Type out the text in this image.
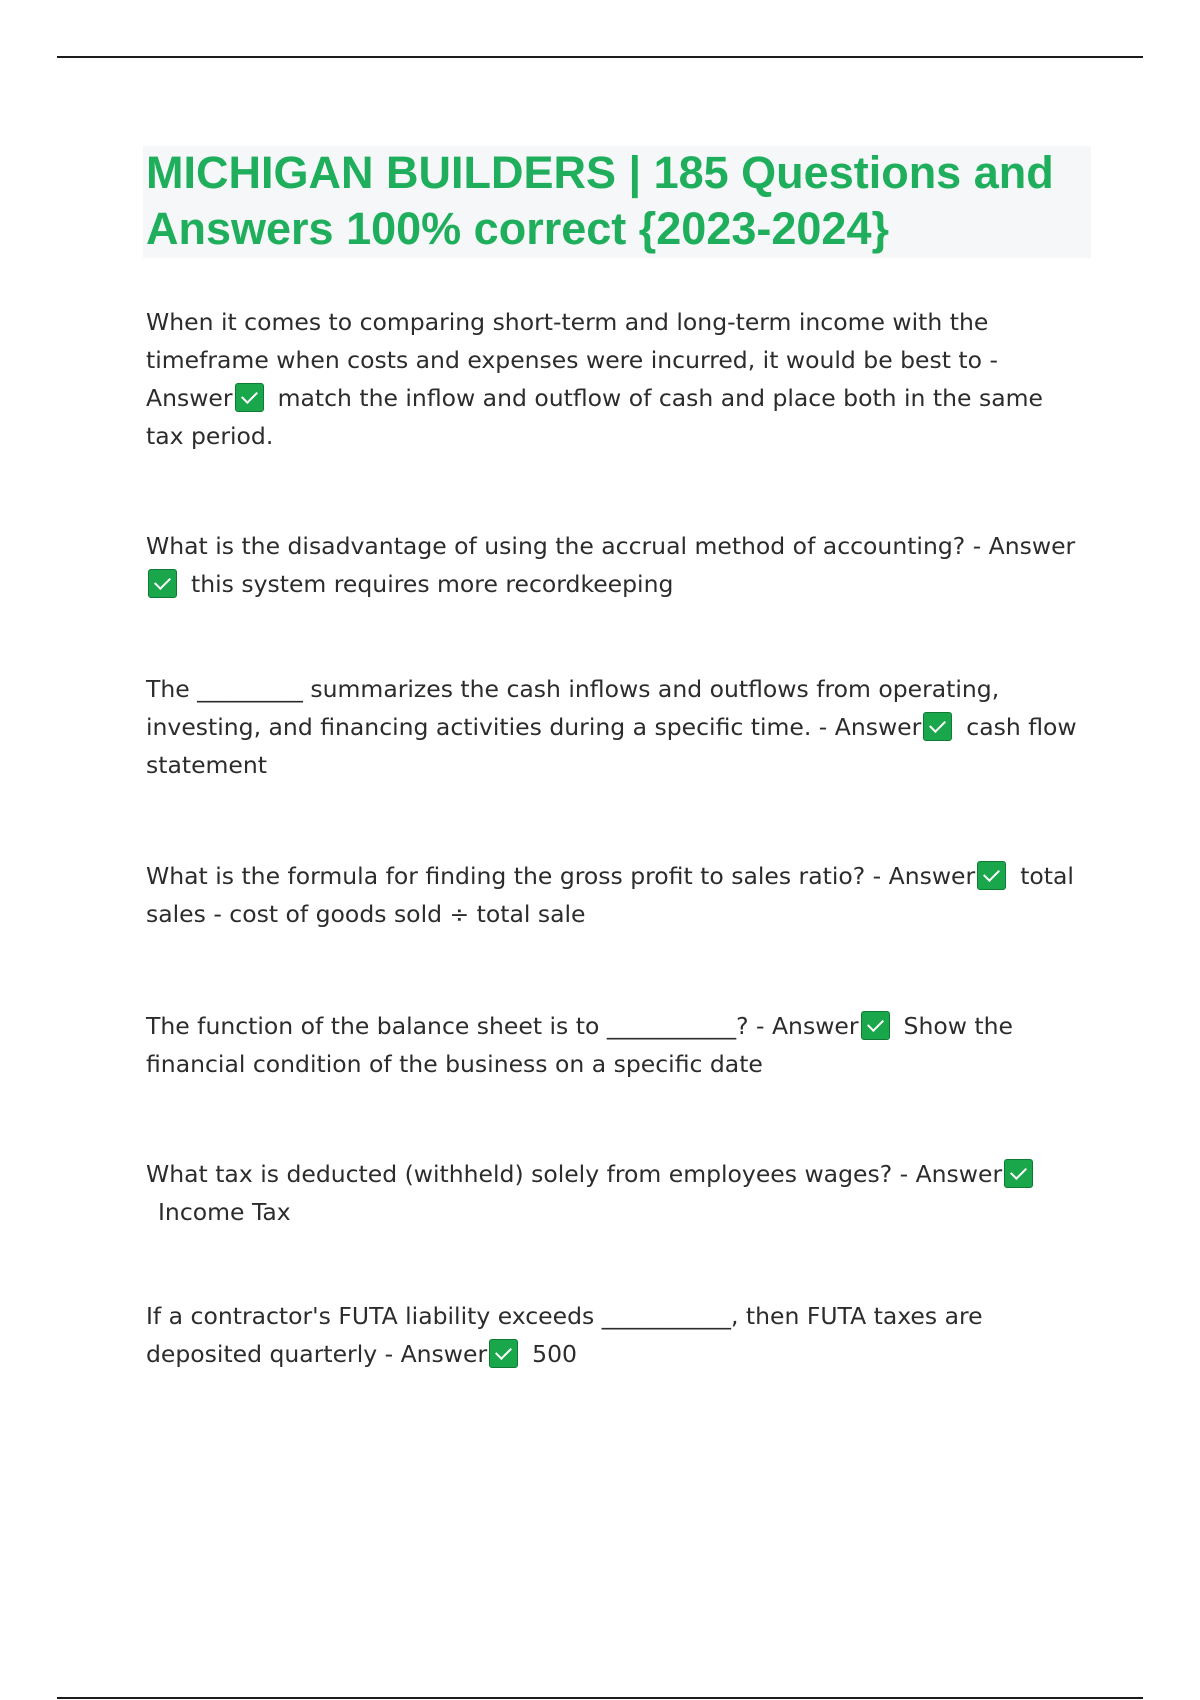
MICHIGAN BUILDERS | 185 Questions and Answers 100% correct {2023-2024}

When it comes to comparing short-term and long-term income with the timeframe when costs and expenses were incurred, it would be best to - Answer match the inflow and outflow of cash and place both in the same tax period.

What is the disadvantage of using the accrual method of accounting? - Answerthis system requires more recordkeeping

The _________ summarizes the cash inflows and outflows from operating, investing, and financing activities during a specific time. - Answer cash flow statement

What is the formula for finding the gross profit to sales ratio? - Answer total sales - cost of goods sold ÷ total sale

The function of the balance sheet is to ___________? - Answer Show the financial condition of the business on a specific date

What tax is deducted (withheld) solely from employees wages? - AnswerIncome Tax

If a contractor's FUTA liability exceeds ___________, then FUTA taxes are deposited quarterly - Answer 500
